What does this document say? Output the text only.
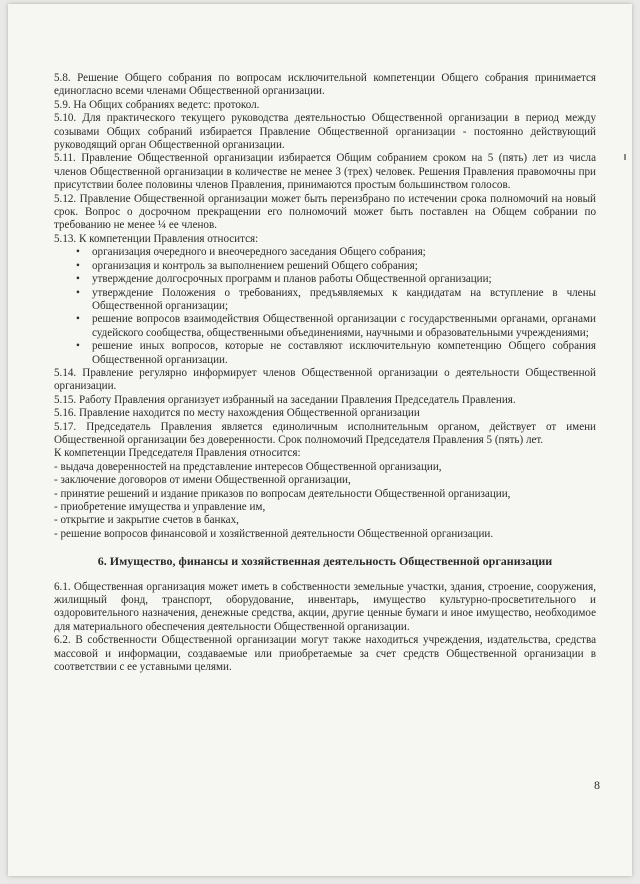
5.8. Решение Общего собрания по вопросам исключительной компетенции Общего собрания принимается единогласно всеми членами Общественной организации.

5.9. На Общих собраниях ведетс: протокол.

5.10. Для практического текущего руководства деятельностью Общественной организации в период между созывами Общих собраний избирается Правление Общественной организации - постоянно действующий руководящий орган Общественной организации.

5.11. Правление Общественной организации избирается Общим собранием сроком на 5 (пять) лет из числа членов Общественной организации в количестве не менее 3 (трех) человек. Решения Правления правомочны при присутствии более половины членов Правления, принимаются простым большинством голосов.

5.12. Правление Общественной организации может быть переизбрано по истечении срока полномочий на новый срок. Вопрос о досрочном прекращении его полномочий может быть поставлен на Общем собрании по требованию не менее ¼ ее членов.

5.13. К компетенции Правления относится:

• организация очередного и внеочередного заседания Общего собрания;
• организация и контроль за выполнением решений Общего собрания;
• утверждение долгосрочных программ и планов работы Общественной организации;
• утверждение Положения о требованиях, предъявляемых к кандидатам на вступление в члены Общественной организации;
• решение вопросов взаимодействия Общественной организации с государственными органами, органами судейского сообщества, общественными объединениями, научными и образовательными учреждениями;
• решение иных вопросов, которые не составляют исключительную компетенцию Общего собрания Общественной организации.

5.14. Правление регулярно информирует членов Общественной организации о деятельности Общественной организации.

5.15. Работу Правления организует избранный на заседании Правления Председатель Правления.

5.16. Правление находится по месту нахождения Общественной организации

5.17. Председатель Правления является единоличным исполнительным органом, действует от имени Общественной организации без доверенности. Срок полномочий Председателя Правления 5 (пять) лет.

К компетенции Председателя Правления относится:

- выдача доверенностей на представление интересов Общественной организации,

- заключение договоров от имени Общественной организации,

- принятие решений и издание приказов по вопросам деятельности Общественной организации,

- приобретение имущества и управление им,

- открытие и закрытие счетов в банках,

- решение вопросов финансовой и хозяйственной деятельности Общественной организации.

6. Имущество, финансы и хозяйственная деятельность Общественной организации

6.1. Общественная организация может иметь в собственности земельные участки, здания, строение, сооружения, жилищный фонд, транспорт, оборудование, инвентарь, имущество культурно-просветительного и оздоровительного назначения, денежные средства, акции, другие ценные бумаги и иное имущество, необходимое для материального обеспечения деятельности Общественной организации.

6.2. В собственности Общественной организации могут также находиться учреждения, издательства, средства массовой и информации, создаваемые или приобретаемые за счет средств Общественной организации в соответствии с ее уставными целями.

8
